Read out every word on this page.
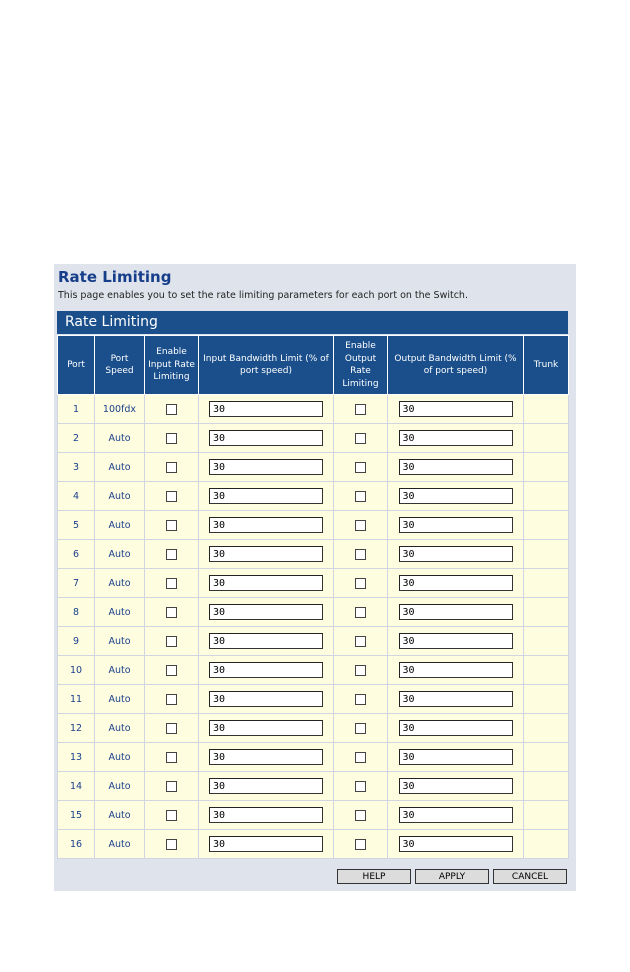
Rate Limiting
This page enables you to set the rate limiting parameters for each port on the Switch.
Rate Limiting
Port	Port Speed	Enable Input Rate Limiting	Input Bandwidth Limit (% of port speed)	Enable Output Rate Limiting	Output Bandwidth Limit (% of port speed)	Trunk
1	100fdx		30		30	

2	Auto		30		30	

3	Auto		30		30	

4	Auto		30		30	

5	Auto		30		30	

6	Auto		30		30	

7	Auto		30		30	

8	Auto		30		30	

9	Auto		30		30	

10	Auto		30		30	

11	Auto		30		30	

12	Auto		30		30	

13	Auto		30		30	

14	Auto		30		30	

15	Auto		30		30	

16	Auto		30		30	

HELP	APPLY	CANCEL
